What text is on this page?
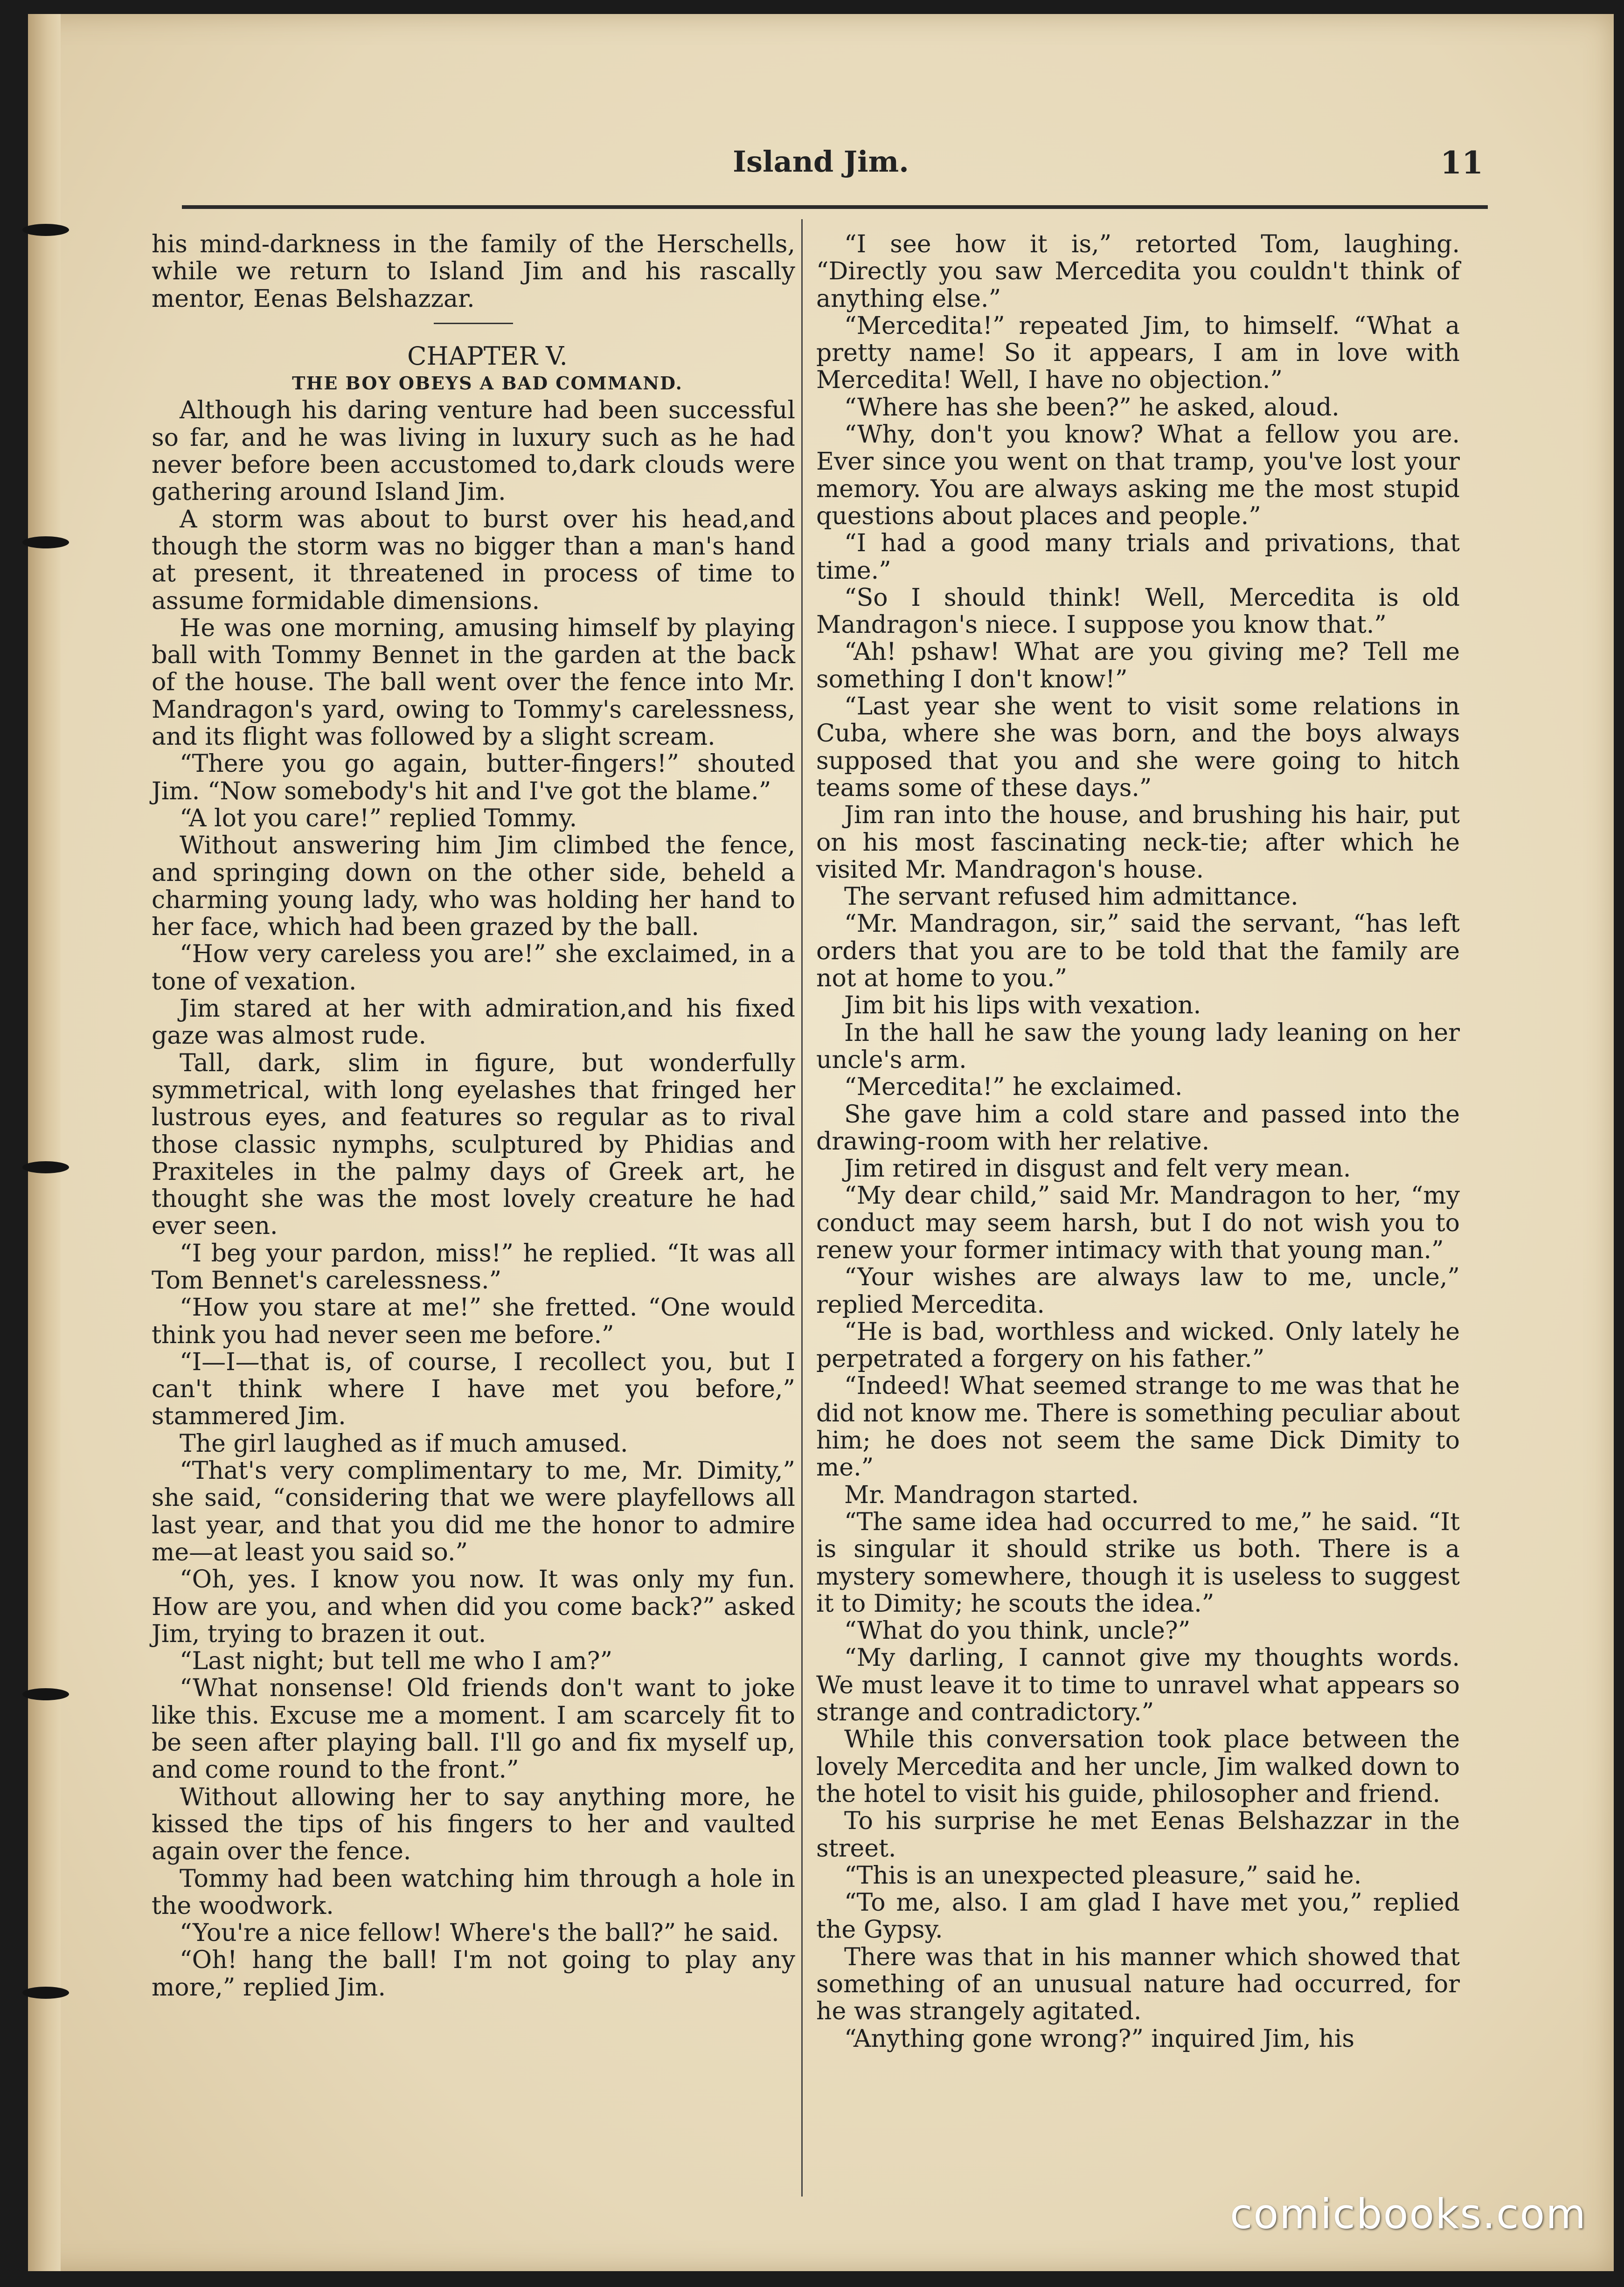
Island Jim.	11

his mind-darkness in the family of the Herschells, while we return to Island Jim and his rascally mentor, Eenas Belshazzar.

CHAPTER V.

THE BOY OBEYS A BAD COMMAND.

Although his daring venture had been successful so far, and he was living in luxury such as he had never before been accustomed to,dark clouds were gathering around Island Jim.

A storm was about to burst over his head,and though the storm was no bigger than a man's hand at present, it threatened in process of time to assume formidable dimensions.

He was one morning, amusing himself by playing ball with Tommy Bennet in the garden at the back of the house. The ball went over the fence into Mr. Mandragon's yard, owing to Tommy's carelessness, and its flight was followed by a slight scream.

“There you go again, butter-fingers!” shouted Jim. “Now somebody's hit and I've got the blame.”

“A lot you care!” replied Tommy.

Without answering him Jim climbed the fence, and springing down on the other side, beheld a charming young lady, who was holding her hand to her face, which had been grazed by the ball.

“How very careless you are!” she exclaimed, in a tone of vexation.

Jim stared at her with admiration,and his fixed gaze was almost rude.

Tall, dark, slim in figure, but wonderfully symmetrical, with long eyelashes that fringed her lustrous eyes, and features so regular as to rival those classic nymphs, sculptured by Phidias and Praxiteles in the palmy days of Greek art, he thought she was the most lovely creature he had ever seen.

“I beg your pardon, miss!” he replied. “It was all Tom Bennet's carelessness.”

“How you stare at me!” she fretted. “One would think you had never seen me before.”

“I—I—that is, of course, I recollect you, but I can't think where I have met you before,” stammered Jim.

The girl laughed as if much amused.

“That's very complimentary to me, Mr. Dimity,” she said, “considering that we were playfellows all last year, and that you did me the honor to admire me—at least you said so.”

“Oh, yes. I know you now. It was only my fun. How are you, and when did you come back?” asked Jim, trying to brazen it out.

“Last night; but tell me who I am?”

“What nonsense! Old friends don't want to joke like this. Excuse me a moment. I am scarcely fit to be seen after playing ball. I'll go and fix myself up, and come round to the front.”

Without allowing her to say anything more, he kissed the tips of his fingers to her and vaulted again over the fence.

Tommy had been watching him through a hole in the woodwork.

“You're a nice fellow! Where's the ball?” he said.

“Oh! hang the ball! I'm not going to play any more,” replied Jim.

“I see how it is,” retorted Tom, laughing. “Directly you saw Mercedita you couldn't think of anything else.”

“Mercedita!” repeated Jim, to himself. “What a pretty name! So it appears, I am in love with Mercedita! Well, I have no objection.”

“Where has she been?” he asked, aloud.

“Why, don't you know? What a fellow you are. Ever since you went on that tramp, you've lost your memory. You are always asking me the most stupid questions about places and people.”

“I had a good many trials and privations, that time.”

“So I should think! Well, Mercedita is old Mandragon's niece. I suppose you know that.”

“Ah! pshaw! What are you giving me? Tell me something I don't know!”

“Last year she went to visit some relations in Cuba, where she was born, and the boys always supposed that you and she were going to hitch teams some of these days.”

Jim ran into the house, and brushing his hair, put on his most fascinating neck-tie; after which he visited Mr. Mandragon's house.

The servant refused him admittance.

“Mr. Mandragon, sir,” said the servant, “has left orders that you are to be told that the family are not at home to you.”

Jim bit his lips with vexation.

In the hall he saw the young lady leaning on her uncle's arm.

“Mercedita!” he exclaimed.

She gave him a cold stare and passed into the drawing-room with her relative.

Jim retired in disgust and felt very mean.

“My dear child,” said Mr. Mandragon to her, “my conduct may seem harsh, but I do not wish you to renew your former intimacy with that young man.”

“Your wishes are always law to me, uncle,” replied Mercedita.

“He is bad, worthless and wicked. Only lately he perpetrated a forgery on his father.”

“Indeed! What seemed strange to me was that he did not know me. There is something peculiar about him; he does not seem the same Dick Dimity to me.”

Mr. Mandragon started.

“The same idea had occurred to me,” he said. “It is singular it should strike us both. There is a mystery somewhere, though it is useless to suggest it to Dimity; he scouts the idea.”

“What do you think, uncle?”

“My darling, I cannot give my thoughts words. We must leave it to time to unravel what appears so strange and contradictory.”

While this conversation took place between the lovely Mercedita and her uncle, Jim walked down to the hotel to visit his guide, philosopher and friend.

To his surprise he met Eenas Belshazzar in the street.

“This is an unexpected pleasure,” said he.

“To me, also. I am glad I have met you,” replied the Gypsy.

There was that in his manner which showed that something of an unusual nature had occurred, for he was strangely agitated.

“Anything gone wrong?” inquired Jim, his

comicbooks.com
